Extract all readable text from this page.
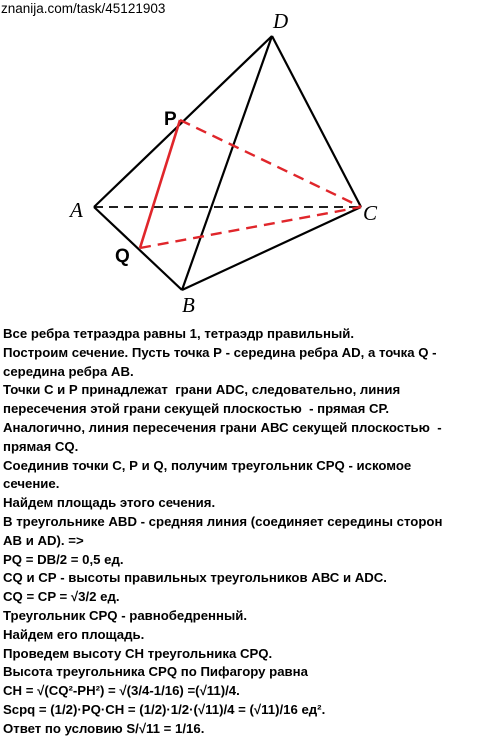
znanija.com/task/45121903
D
A	C
B
P
Q
Все ребра тетраэдра равны 1, тетраэдр правильный.
Построим сечение. Пусть точка Р - середина ребра AD, а точка Q -
середина ребра АВ.
Точки С и Р принадлежат  грани ADC, следовательно, линия
пересечения этой грани секущей плоскостью  - прямая СР.
Аналогично, линия пересечения грани АВС секущей плоскостью  -
прямая CQ.
Соединив точки С, Р и Q, получим треугольник CPQ - искомое
сечение.
Найдем площадь этого сечения.
В треугольнике ABD - средняя линия (соединяет середины сторон
AB и AD). =>
PQ = DB/2 = 0,5 ед.
CQ и СР - высоты правильных треугольников АВС и ADC.
CQ = CP = √3/2 ед.
Треугольник CPQ - равнобедренный.
Найдем его площадь.
Проведем высоту СН треугольника CPQ.
Высота треугольника CPQ по Пифагору равна
CH = √(CQ²-PH²) = √(3/4-1/16) =(√11)/4.
Scpq = (1/2)·PQ·CH = (1/2)·1/2·(√11)/4 = (√11)/16 ед².
Ответ по условию S/√11 = 1/16.
